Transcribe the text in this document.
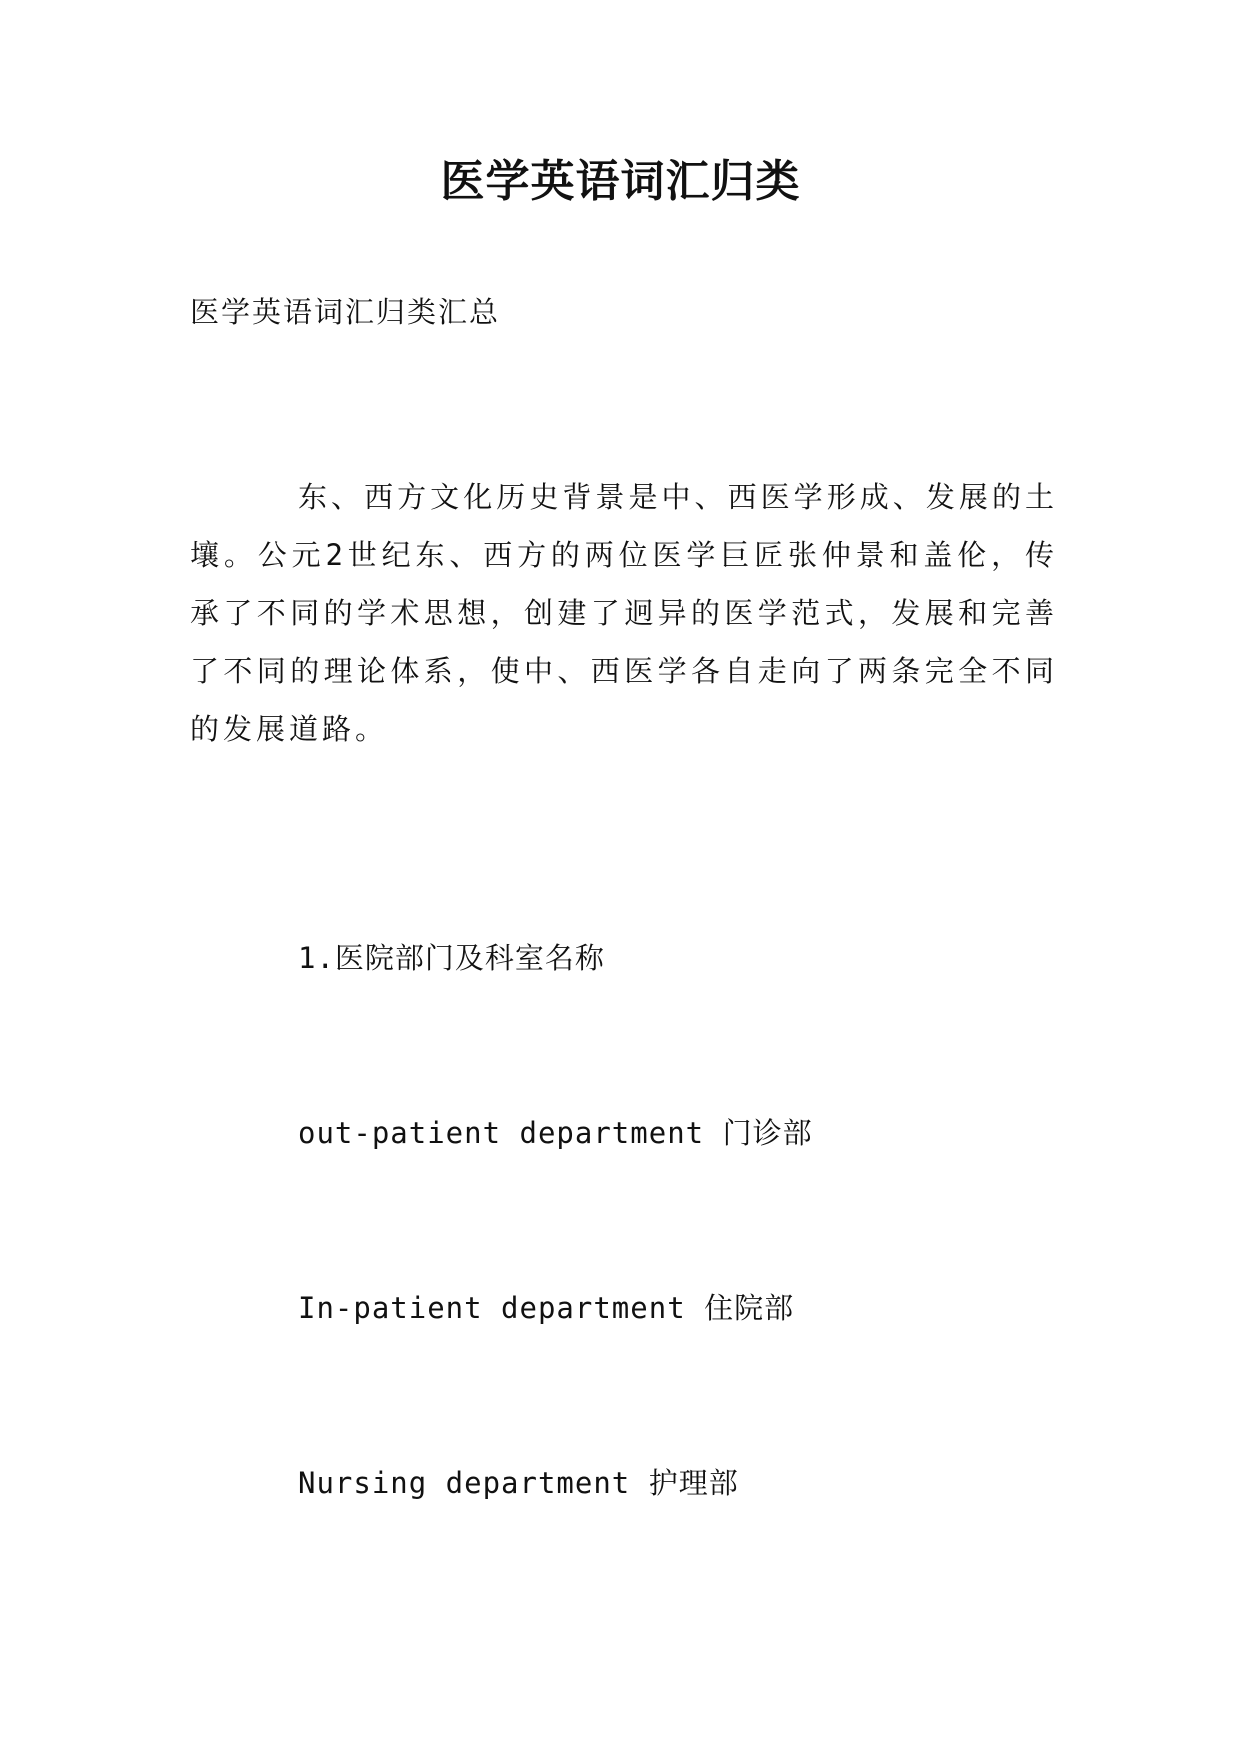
医学英语词汇归类
医学英语词汇归类汇总

东、西方文化历史背景是中、西医学形成、发展的土壤。公元2世纪东、西方的两位医学巨匠张仲景和盖伦，传承了不同的学术思想，创建了迥异的医学范式，发展和完善了不同的理论体系，使中、西医学各自走向了两条完全不同的发展道路。

1.医院部门及科室名称
out-patient department 门诊部
In-patient department 住院部
Nursing department 护理部
